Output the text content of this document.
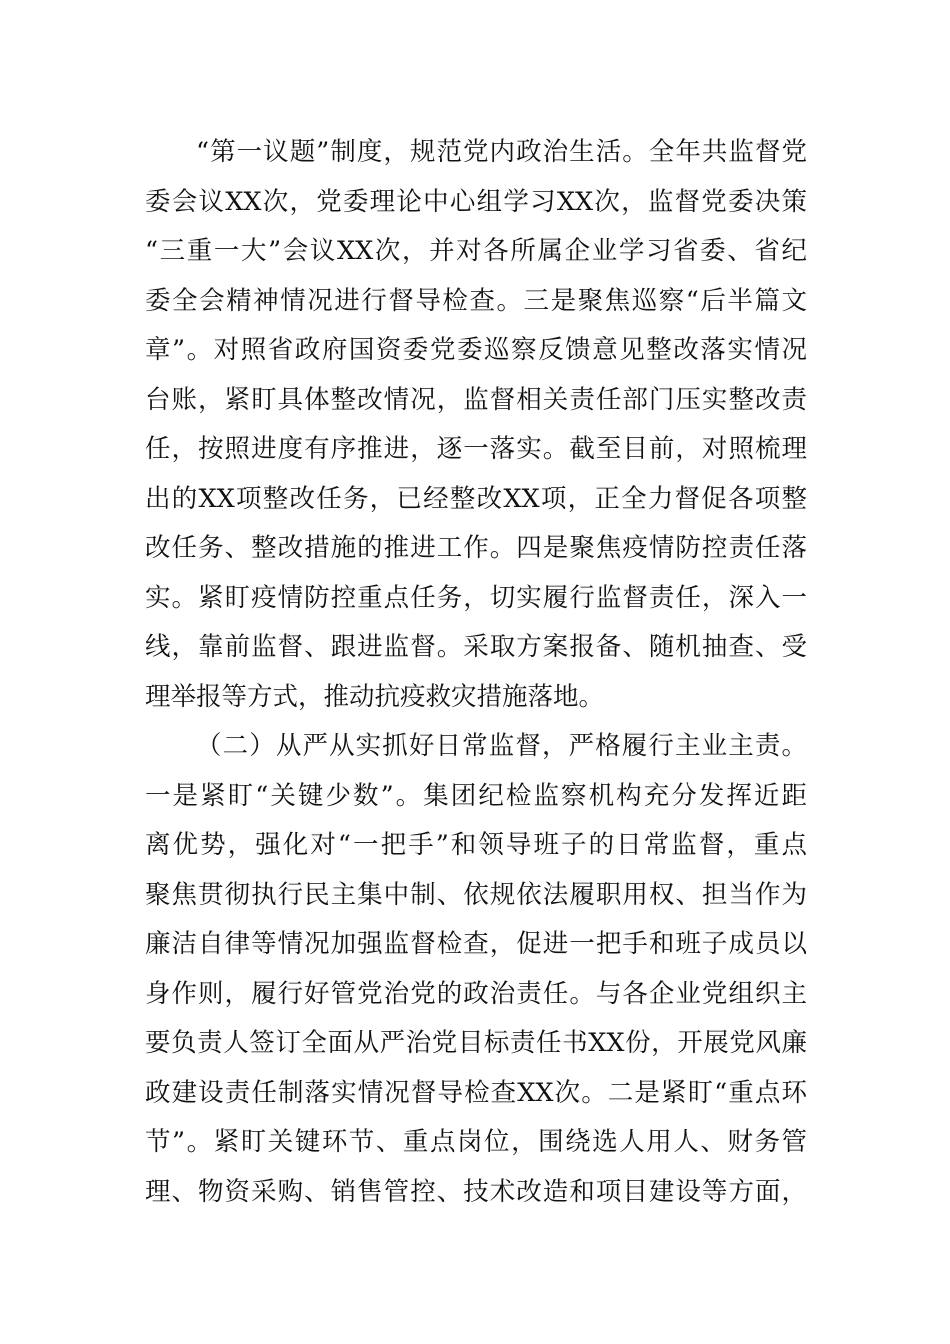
“第一议题”制度，规范党内政治生活。全年共监督党
委会议XX次，党委理论中心组学习XX次，监督党委决策
“三重一大”会议XX次，并对各所属企业学习省委、省纪
委全会精神情况进行督导检查。三是聚焦巡察“后半篇文
章”。对照省政府国资委党委巡察反馈意见整改落实情况
台账，紧盯具体整改情况，监督相关责任部门压实整改责
任，按照进度有序推进，逐一落实。截至目前，对照梳理
出的XX项整改任务，已经整改XX项，正全力督促各项整
改任务、整改措施的推进工作。四是聚焦疫情防控责任落
实。紧盯疫情防控重点任务，切实履行监督责任，深入一
线，靠前监督、跟进监督。采取方案报备、随机抽查、受
理举报等方式，推动抗疫救灾措施落地。
（二）从严从实抓好日常监督，严格履行主业主责。
一是紧盯“关键少数”。集团纪检监察机构充分发挥近距
离优势，强化对“一把手”和领导班子的日常监督，重点
聚焦贯彻执行民主集中制、依规依法履职用权、担当作为
廉洁自律等情况加强监督检查，促进一把手和班子成员以
身作则，履行好管党治党的政治责任。与各企业党组织主
要负责人签订全面从严治党目标责任书XX份，开展党风廉
政建设责任制落实情况督导检查XX次。二是紧盯“重点环
节”。紧盯关键环节、重点岗位，围绕选人用人、财务管
理、物资采购、销售管控、技术改造和项目建设等方面，
